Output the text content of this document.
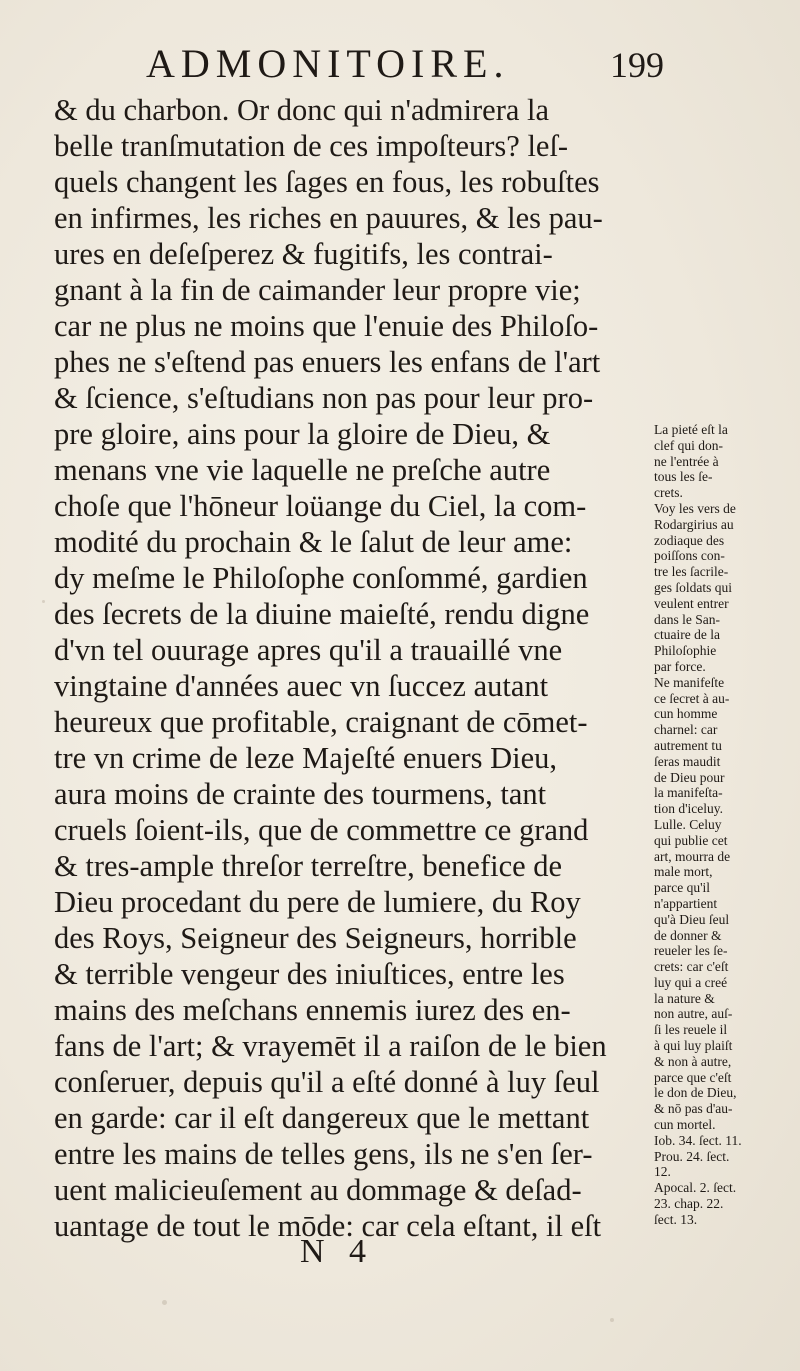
ADMONITOIRE.	199
& du charbon. Or donc qui n'admirera la
belle tranſmutation de ces impoſteurs? leſ-
quels changent les ſages en fous, les robuſtes
en infirmes, les riches en pauures, & les pau-
ures en deſeſperez & fugitifs, les contrai-
gnant à la fin de caimander leur propre vie;
car ne plus ne moins que l'enuie des Philoſo-
phes ne s'eſtend pas enuers les enfans de l'art
& ſcience, s'eſtudians non pas pour leur pro-
pre gloire, ains pour la gloire de Dieu, &
menans vne vie laquelle ne preſche autre
choſe que l'hōneur loüange du Ciel, la com-
modité du prochain & le ſalut de leur ame:
dy meſme le Philoſophe conſommé, gardien
des ſecrets de la diuine maieſté, rendu digne
d'vn tel ouurage apres qu'il a trauaillé vne
vingtaine d'années auec vn ſuccez autant
heureux que profitable, craignant de cōmet-
tre vn crime de leze Majeſté enuers Dieu,
aura moins de crainte des tourmens, tant
cruels ſoient-ils, que de commettre ce grand
& tres-ample threſor terreſtre, benefice de
Dieu procedant du pere de lumiere, du Roy
des Roys, Seigneur des Seigneurs, horrible
& terrible vengeur des iniuſtices, entre les
mains des meſchans ennemis iurez des en-
fans de l'art; & vrayemēt il a raiſon de le bien
conſeruer, depuis qu'il a eſté donné à luy ſeul
en garde: car il eſt dangereux que le mettant
entre les mains de telles gens, ils ne s'en ſer-
uent malicieuſement au dommage & deſad-
uantage de tout le mōde: car cela eſtant, il eſt
La pieté eſt la
clef qui don-
ne l'entrée à
tous les ſe-
crets.
Voy les vers de
Rodargirius au
zodiaque des
poiſſons con-
tre les ſacrile-
ges ſoldats qui
veulent entrer
dans le San-
ctuaire de la
Philoſophie
par force.
Ne manifeſte
ce ſecret à au-
cun homme
charnel: car
autrement tu
ſeras maudit
de Dieu pour
la manifeſta-
tion d'iceluy.
Lulle. Celuy
qui publie cet
art, mourra de
male mort,
parce qu'il
n'appartient
qu'à Dieu ſeul
de donner &
reueler les ſe-
crets: car c'eſt
luy qui a creé
la nature &
non autre, auſ-
ſi les reuele il
à qui luy plaiſt
& non à autre,
parce que c'eſt
le don de Dieu,
& nō pas d'au-
cun mortel.
Iob. 34. ſect. 11.
Prou. 24. ſect.
12.
Apocal. 2. ſect.
23. chap. 22.
ſect. 13.
N 4
